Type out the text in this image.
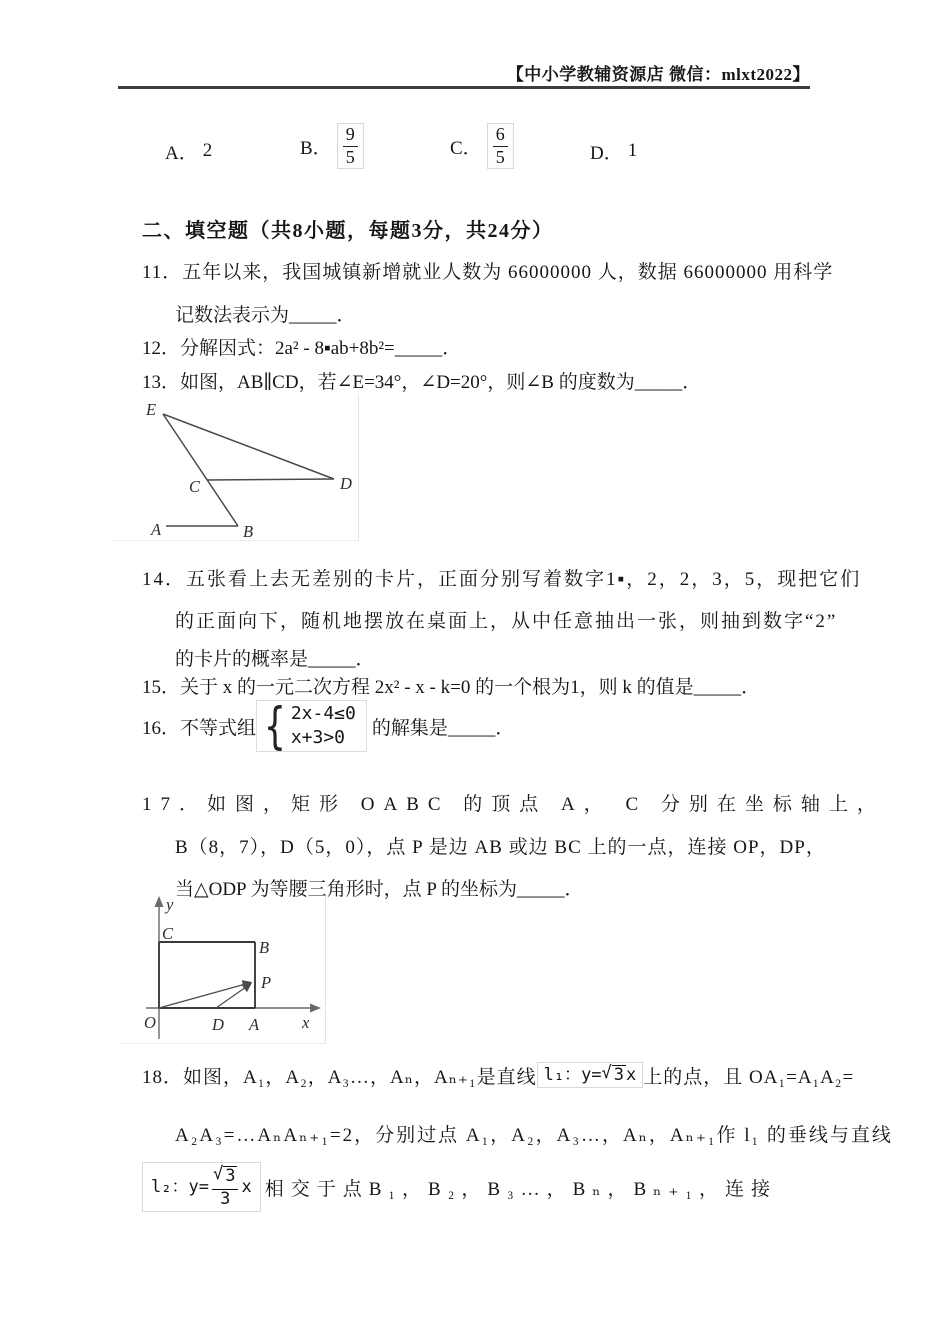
【中小学教辅资源店 微信：mlxt2022】
A． 2	B． $\frac{9}{5}$	C． $\frac{6}{5}$	D． 1
二、填空题（共8小题，每题3分，共24分）
11．五年以来，我国城镇新增就业人数为 66000000 人，数据 66000000 用科学
记数法表示为_____．
12．分解因式：2a² - 8▪ab+8b²=_____．
13．如图，AB∥CD，若∠E=34°，∠D=20°，则∠B 的度数为_____．
E
C	D
A	B
14．五张看上去无差别的卡片，正面分别写着数字1▪，2，2，3，5，现把它们
的正面向下，随机地摆放在桌面上，从中任意抽出一张，则抽到数字“2”
的卡片的概率是_____．
15．关于 x 的一元二次方程 2x² - x - k=0 的一个根为1，则 k 的值是_____．
16．不等式组 { 2x-4≤0
x+3>0	的解集是_____．
17．如图，矩形 OABC 的顶点 A， C 分别在坐标轴上，
B（8，7），D（5，0），点 P 是边 AB 或边 BC 上的一点，连接 OP，DP，
当△ODP 为等腰三角形时，点 P 的坐标为_____．
y
C
B
P
O	D A	x
18．如图，A₁，A₂，A₃…，Aₙ，Aₙ₊₁是直线 l₁： y= √ 3 x 上的点，且 OA₁=A₁A₂=
A₂A₃=…AₙAₙ₊₁=2，分别过点 A₁，A₂，A₃…，Aₙ，Aₙ₊₁作 l₁ 的垂线与直线
l₂： $y= \frac{√ 3}{3}$ x 相交于点B₁，B₂，B₃…，Bₙ，Bₙ₊₁，连接
